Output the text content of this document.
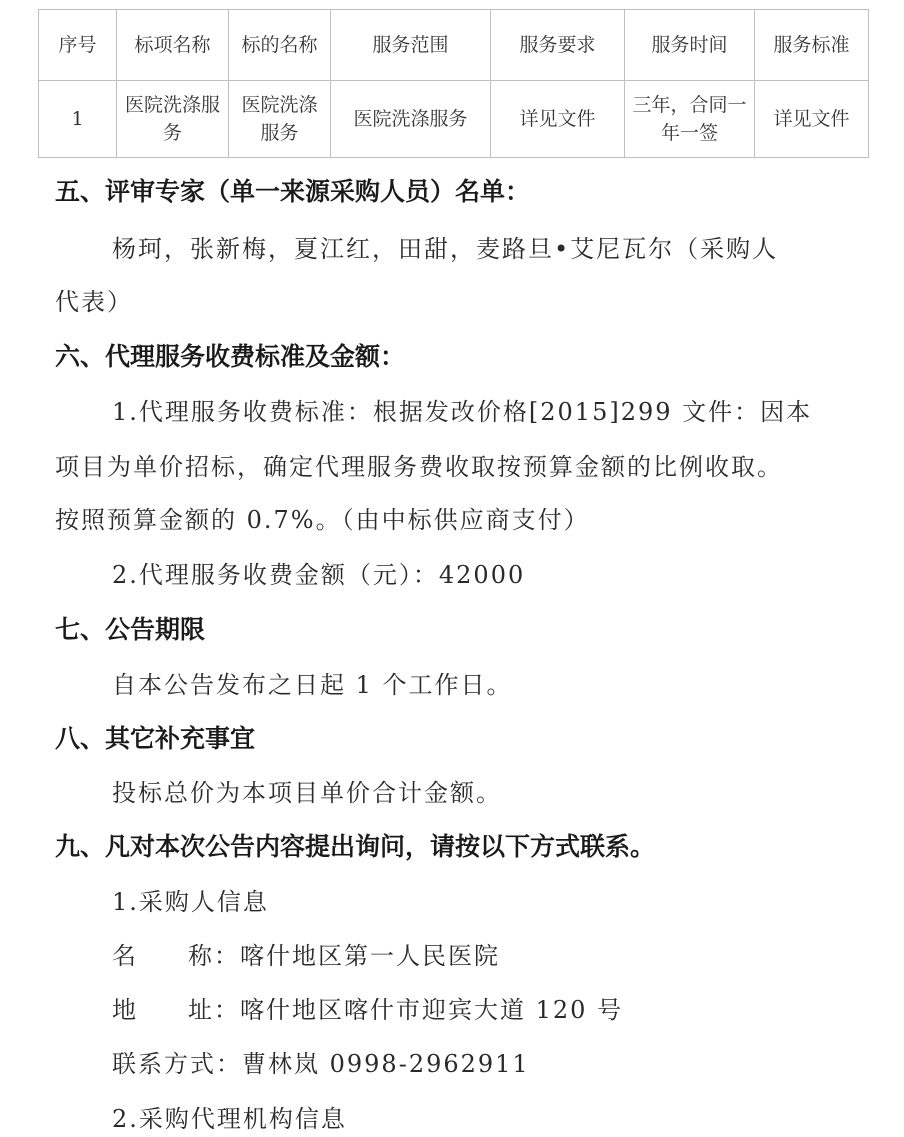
序号	标项名称	标的名称	服务范围	服务要求	服务时间	服务标准
1	医院洗涤服务	医院洗涤服务	医院洗涤服务	详见文件	三年，合同一年一签	详见文件
五、评审专家（单一来源采购人员）名单：
杨珂，张新梅，夏江红，田甜，麦路旦•艾尼瓦尔（采购人
代表）
六、代理服务收费标准及金额：
1.代理服务收费标准：根据发改价格[2015]299 文件：因本
项目为单价招标，确定代理服务费收取按预算金额的比例收取。
按照预算金额的 0.7%。（由中标供应商支付）
2.代理服务收费金额（元）：42000
七、公告期限
自本公告发布之日起 1 个工作日。
八、其它补充事宜
投标总价为本项目单价合计金额。
九、凡对本次公告内容提出询问，请按以下方式联系。
1.采购人信息
名 称：喀什地区第一人民医院
地 址：喀什地区喀什市迎宾大道 120 号
联系方式：曹林岚 0998-2962911
2.采购代理机构信息
